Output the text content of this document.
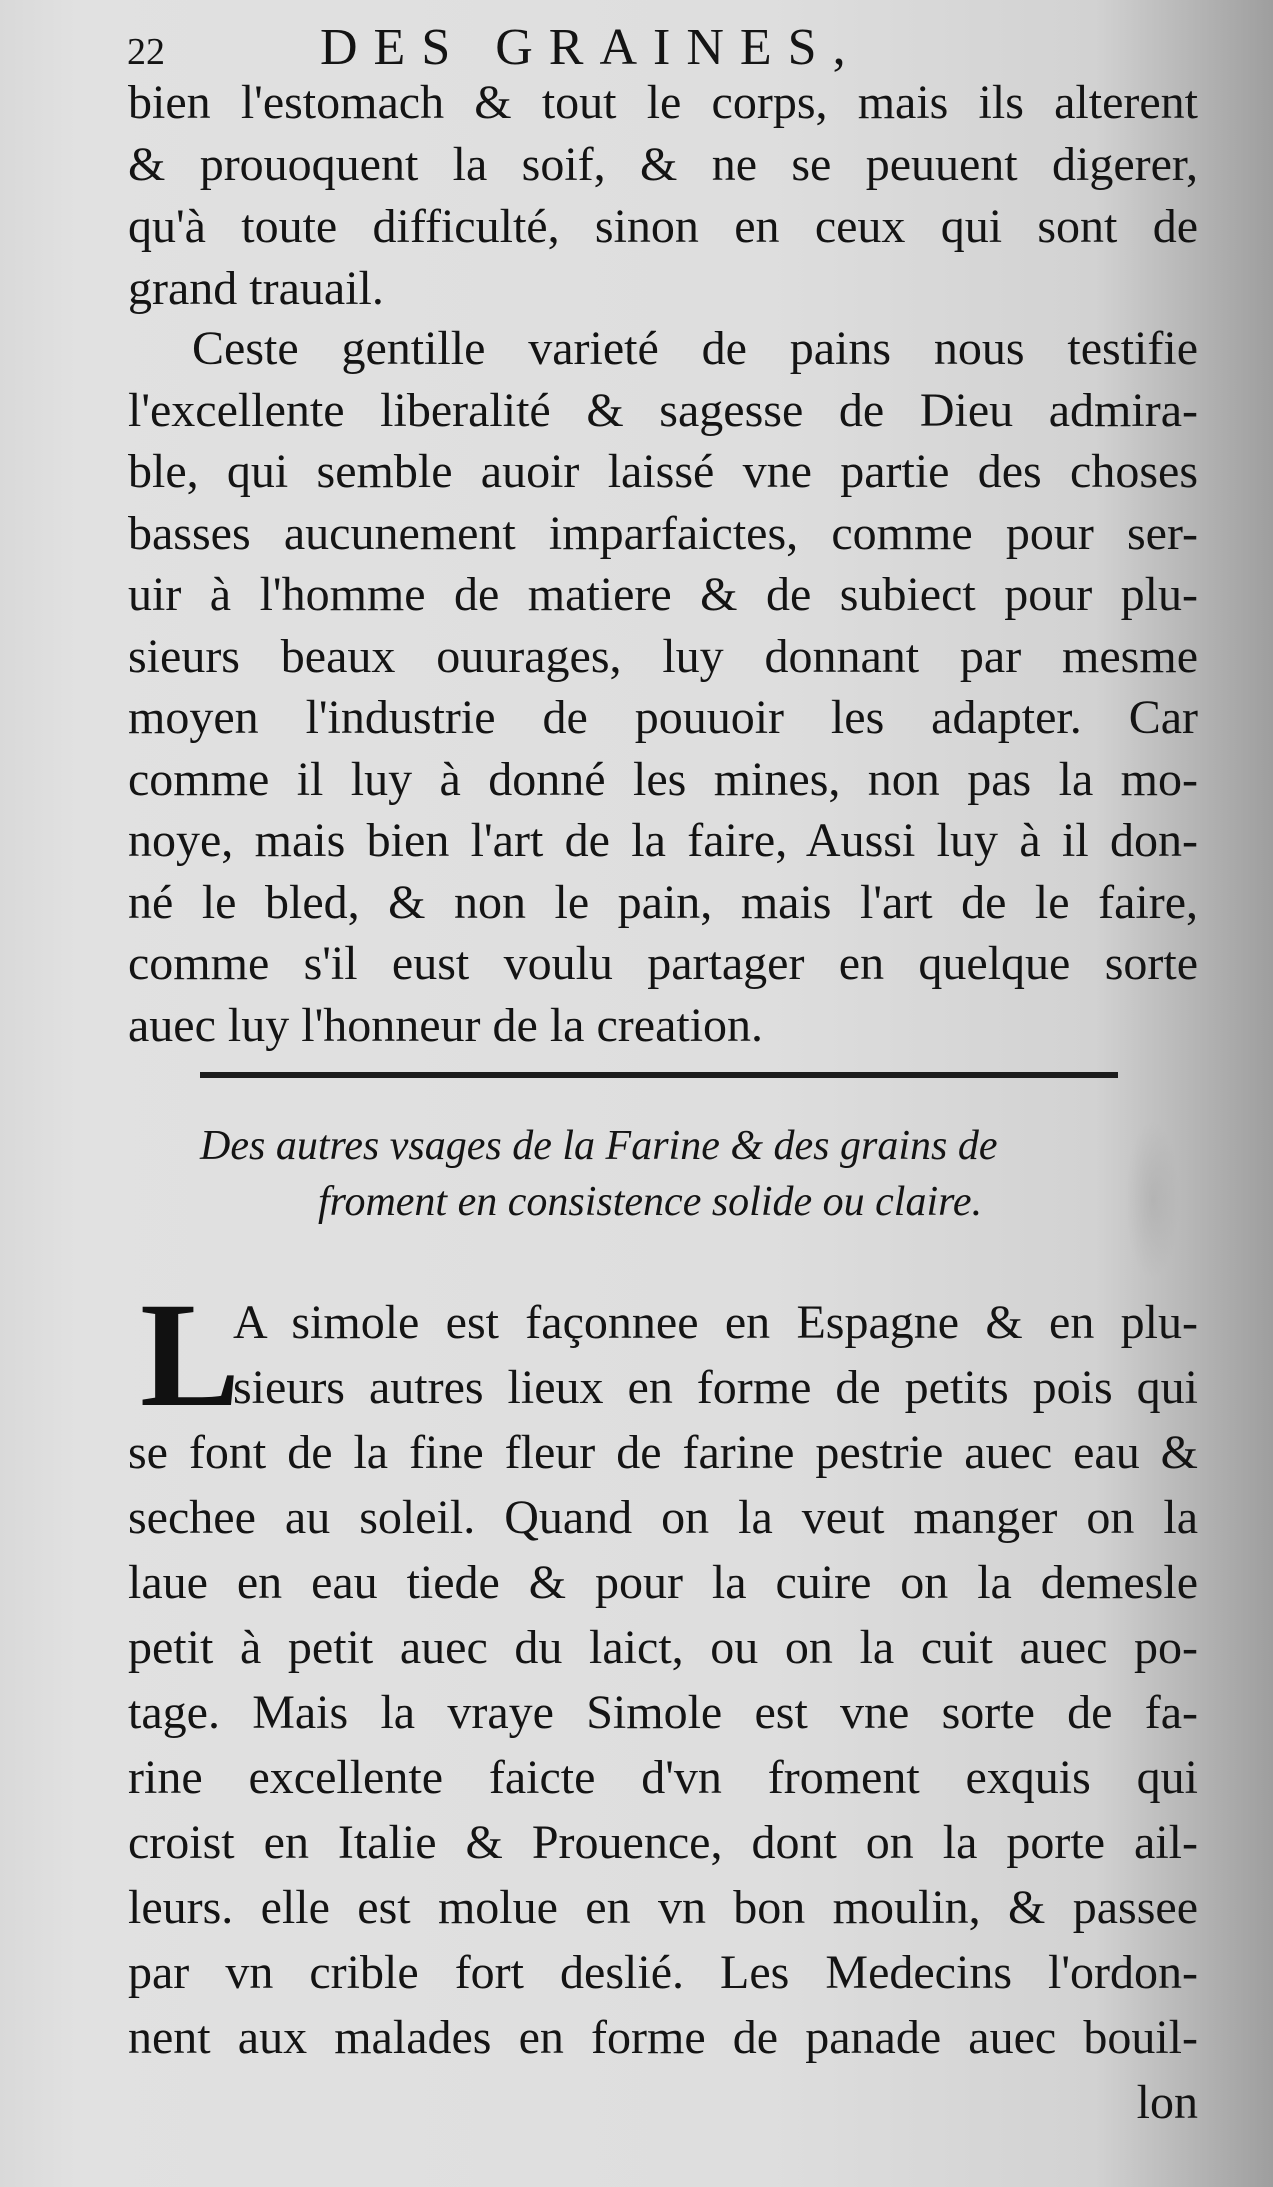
22	DES GRAINES,
bien l'estomach & tout le corps, mais ils alterent
& prouoquent la soif, & ne se peuuent digerer,
qu'à toute difficulté, sinon en ceux qui sont de
grand trauail.
Ceste gentille varieté de pains nous testifie
l'excellente liberalité & sagesse de Dieu admira-
ble, qui semble auoir laissé vne partie des choses
basses aucunement imparfaictes, comme pour ser-
uir à l'homme de matiere & de subiect pour plu-
sieurs beaux ouurages, luy donnant par mesme
moyen l'industrie de pouuoir les adapter. Car
comme il luy à donné les mines, non pas la mo-
noye, mais bien l'art de la faire, Aussi luy à il don-
né le bled, & non le pain, mais l'art de le faire,
comme s'il eust voulu partager en quelque sorte
auec luy l'honneur de la creation.
Des autres vsages de la Farine & des grains de
froment en consistence solide ou claire.
L
A simole est façonnee en Espagne & en plu-
sieurs autres lieux en forme de petits pois qui
se font de la fine fleur de farine pestrie auec eau &
sechee au soleil. Quand on la veut manger on la
laue en eau tiede & pour la cuire on la demesle
petit à petit auec du laict, ou on la cuit auec po-
tage. Mais la vraye Simole est vne sorte de fa-
rine excellente faicte d'vn froment exquis qui
croist en Italie & Prouence, dont on la porte ail-
leurs. elle est molue en vn bon moulin, & passee
par vn crible fort deslié. Les Medecins l'ordon-
nent aux malades en forme de panade auec bouil-
lon
